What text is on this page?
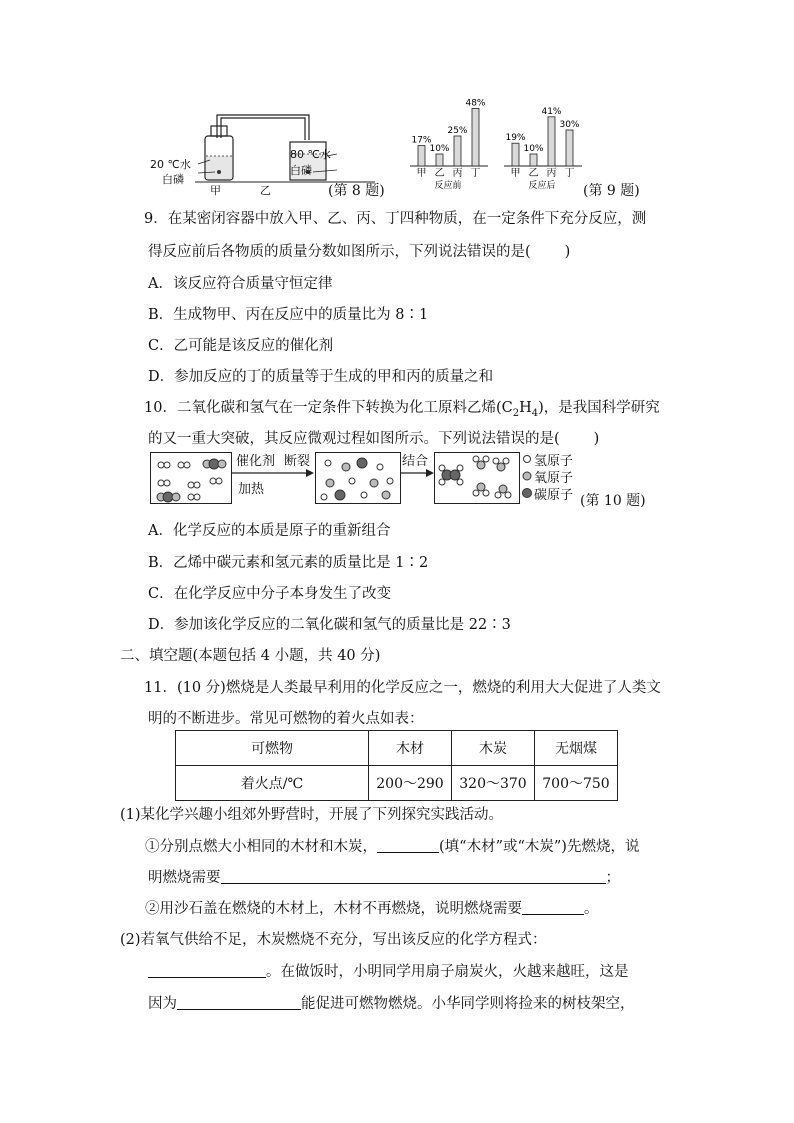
20 ℃水
白磷
甲	乙
80 ℃水
白磷
(第 8 题)
17%
甲
10%
乙
25%
丙
48%
丁
反应前
19%
甲
10%
乙
41%
丙
30%
丁
反应后 (第 9 题)
9．在某密闭容器中放入甲、乙、丙、丁四种物质，在一定条件下充分反应，测
得反应前后各物质的质量分数如图所示，下列说法错误的是( )
A．该反应符合质量守恒定律
B．生成物甲、丙在反应中的质量比为 8∶1
C．乙可能是该反应的催化剂
D．参加反应的丁的质量等于生成的甲和丙的质量之和
10．二氧化碳和氢气在一定条件下转换为化工原料乙烯$(C_2H_4)$，是我国科学研究
的又一重大突破，其反应微观过程如图所示。下列说法错误的是( )
催化剂
加热
断裂	结合	氢原子
氧原子
碳原子 (第 10 题)
A．化学反应的本质是原子的重新组合
B．乙烯中碳元素和氢元素的质量比是 1∶2
C．在化学反应中分子本身发生了改变
D．参加该化学反应的二氧化碳和氢气的质量比是 22∶3
二、填空题(本题包括 4 小题，共 40 分)
11．(10 分)燃烧是人类最早利用的化学反应之一，燃烧的利用大大促进了人类文
明的不断进步。常见可燃物的着火点如表：
可燃物	木材	木炭	无烟煤
着火点/℃	200～290	320～370	700～750
(1)某化学兴趣小组郊外野营时，开展了下列探究实践活动。
①分别点燃大小相同的木材和木炭，	(填“木材”或“木炭”)先燃烧，说
明燃烧需要	；
②用沙石盖在燃烧的木材上，木材不再燃烧，说明燃烧需要	。
(2)若氧气供给不足，木炭燃烧不充分，写出该反应的化学方程式：
。在做饭时，小明同学用扇子扇炭火，火越来越旺，这是
因为	能促进可燃物燃烧。小华同学则将捡来的树枝架空，
